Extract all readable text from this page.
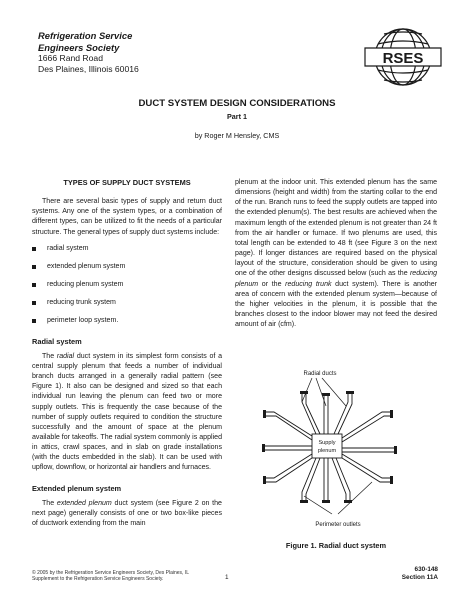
Refrigeration Service
Engineers Society
1666 Rand Road
Des Plaines, Illinois 60016
RSES
DUCT SYSTEM DESIGN CONSIDERATIONS
Part 1
by Roger M Hensley, CMS
TYPES OF SUPPLY DUCT SYSTEMS

There are several basic types of supply and return duct systems. Any one of the system types, or a combination of different types, can be utilized to fit the needs of a particular structure. The general types of supply duct systems include:

radial system
extended plenum system
reducing plenum system
reducing trunk system
perimeter loop system.
Radial system

The radial duct system in its simplest form consists of a central supply plenum that feeds a number of individual branch ducts arranged in a generally radial pattern (see Figure 1). It also can be designed and sized so that each individual run leaving the plenum can feed two or more supply outlets. This is frequently the case because of the number of supply outlets required to condition the structure successfully and the amount of space at the plenum available for takeoffs. The radial system commonly is applied in attics, crawl spaces, and in slab on grade installations (with the ducts embedded in the slab). It can be used with upflow, downflow, or horizontal air handlers and furnaces.

Extended plenum system

The extended plenum duct system (see Figure 2 on the next page) generally consists of one or two box-like pieces of ductwork extending from the main

plenum at the indoor unit. This extended plenum has the same dimensions (height and width) from the starting collar to the end of the run. Branch runs to feed the supply outlets are tapped into the extended plenum(s). The best results are achieved when the maximum length of the extended plenum is not greater than 24 ft from the air handler or furnace. If two plenums are used, this total length can be extended to 48 ft (see Figure 3 on the next page). If longer distances are required based on the physical layout of the structure, consideration should be given to using one of the other designs discussed below (such as the reducing plenum or the reducing trunk duct system). There is another area of concern with the extended plenum system—because of the higher velocities in the plenum, it is possible that the branches closest to the indoor blower may not feed the desired amount of air (cfm).

Radial ducts
Supply
plenum
Perimeter outlets
Figure 1. Radial duct system
© 2005 by the Refrigeration Service Engineers Society, Des Plaines, IL
Supplement to the Refrigeration Service Engineers Society.	1
630-148
Section 11A
